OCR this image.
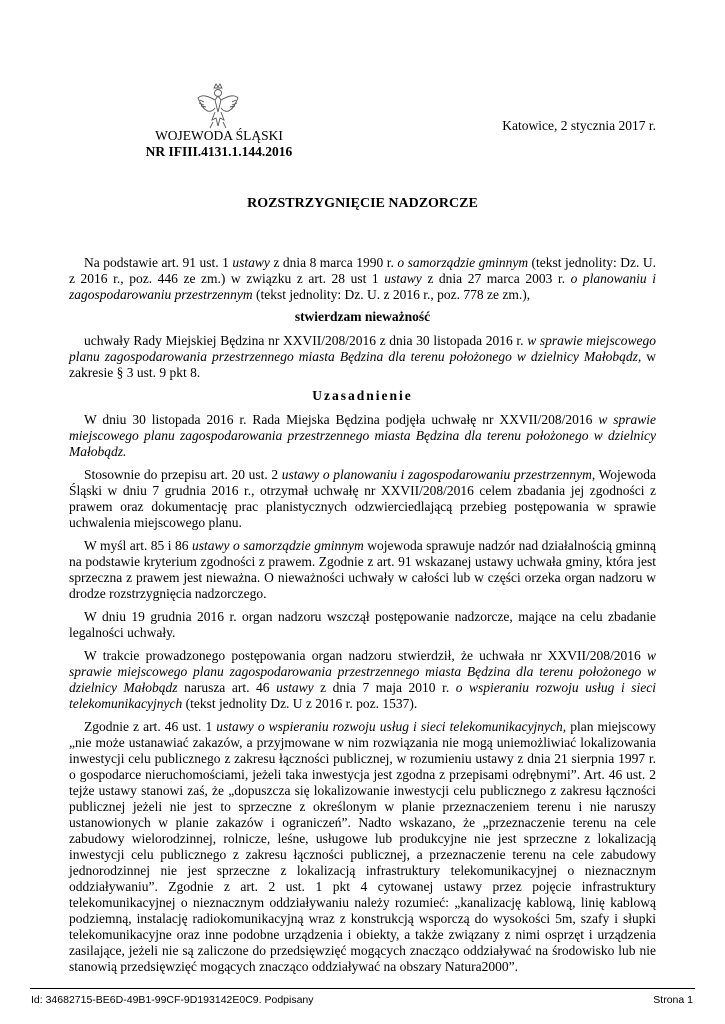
WOJEWODA ŚLĄSKI
NR IFIII.4131.1.144.2016
Katowice, 2 stycznia 2017 r.
ROZSTRZYGNIĘCIE NADZORCZE

Na podstawie art. 91 ust. 1 ustawy z dnia 8 marca 1990 r. o samorządzie gminnym (tekst jednolity: Dz. U. z 2016 r., poz. 446 ze zm.) w związku z art. 28 ust 1 ustawy z dnia 27 marca 2003 r. o planowaniu i zagospodarowaniu przestrzennym (tekst jednolity: Dz. U. z 2016 r., poz. 778 ze zm.),

stwierdzam nieważność

uchwały Rady Miejskiej Będzina nr XXVII/208/2016 z dnia 30 listopada 2016 r. w sprawie miejscowego planu zagospodarowania przestrzennego miasta Będzina dla terenu położonego w dzielnicy Małobądz, w zakresie § 3 ust. 9 pkt 8.

Uzasadnienie

W dniu 30 listopada 2016 r. Rada Miejska Będzina podjęła uchwałę nr XXVII/208/2016 w sprawie miejscowego planu zagospodarowania przestrzennego miasta Będzina dla terenu położonego w dzielnicy Małobądz.

Stosownie do przepisu art. 20 ust. 2 ustawy o planowaniu i zagospodarowaniu przestrzennym, Wojewoda Śląski w dniu 7 grudnia 2016 r., otrzymał uchwałę nr XXVII/208/2016 celem zbadania jej zgodności z prawem oraz dokumentację prac planistycznych odzwierciedlającą przebieg postępowania w sprawie uchwalenia miejscowego planu.

W myśl art. 85 i 86 ustawy o samorządzie gminnym wojewoda sprawuje nadzór nad działalnością gminną na podstawie kryterium zgodności z prawem. Zgodnie z art. 91 wskazanej ustawy uchwała gminy, która jest sprzeczna z prawem jest nieważna. O nieważności uchwały w całości lub w części orzeka organ nadzoru w drodze rozstrzygnięcia nadzorczego.

W dniu 19 grudnia 2016 r. organ nadzoru wszczął postępowanie nadzorcze, mające na celu zbadanie legalności uchwały.

W trakcie prowadzonego postępowania organ nadzoru stwierdził, że uchwała nr XXVII/208/2016 w sprawie miejscowego planu zagospodarowania przestrzennego miasta Będzina dla terenu położonego w dzielnicy Małobądz narusza art. 46 ustawy z dnia 7 maja 2010 r. o wspieraniu rozwoju usług i sieci telekomunikacyjnych (tekst jednolity Dz. U z 2016 r. poz. 1537).

Zgodnie z art. 46 ust. 1 ustawy o wspieraniu rozwoju usług i sieci telekomunikacyjnych, plan miejscowy „nie może ustanawiać zakazów, a przyjmowane w nim rozwiązania nie mogą uniemożliwiać lokalizowania inwestycji celu publicznego z zakresu łączności publicznej, w rozumieniu ustawy z dnia 21 sierpnia 1997 r. o gospodarce nieruchomościami, jeżeli taka inwestycja jest zgodna z przepisami odrębnymi”. Art. 46 ust. 2 tejże ustawy stanowi zaś, że „dopuszcza się lokalizowanie inwestycji celu publicznego z zakresu łączności publicznej jeżeli nie jest to sprzeczne z określonym w planie przeznaczeniem terenu i nie naruszy ustanowionych w planie zakazów i ograniczeń”. Nadto wskazano, że „przeznaczenie terenu na cele zabudowy wielorodzinnej, rolnicze, leśne, usługowe lub produkcyjne nie jest sprzeczne z lokalizacją inwestycji celu publicznego z zakresu łączności publicznej, a przeznaczenie terenu na cele zabudowy jednorodzinnej nie jest sprzeczne z lokalizacją infrastruktury telekomunikacyjnej o nieznacznym oddziaływaniu”. Zgodnie z art. 2 ust. 1 pkt 4 cytowanej ustawy przez pojęcie infrastruktury telekomunikacyjnej o nieznacznym oddziaływaniu należy rozumieć: „kanalizację kablową, linię kablową podziemną, instalację radiokomunikacyjną wraz z konstrukcją wsporczą do wysokości 5m, szafy i słupki telekomunikacyjne oraz inne podobne urządzenia i obiekty, a także związany z nimi osprzęt i urządzenia zasilające, jeżeli nie są zaliczone do przedsięwzięć mogących znacząco oddziaływać na środowisko lub nie stanowią przedsięwzięć mogących znacząco oddziaływać na obszary Natura2000”.

Id: 34682715-BE6D-49B1-99CF-9D193142E0C9. Podpisany	Strona 1
